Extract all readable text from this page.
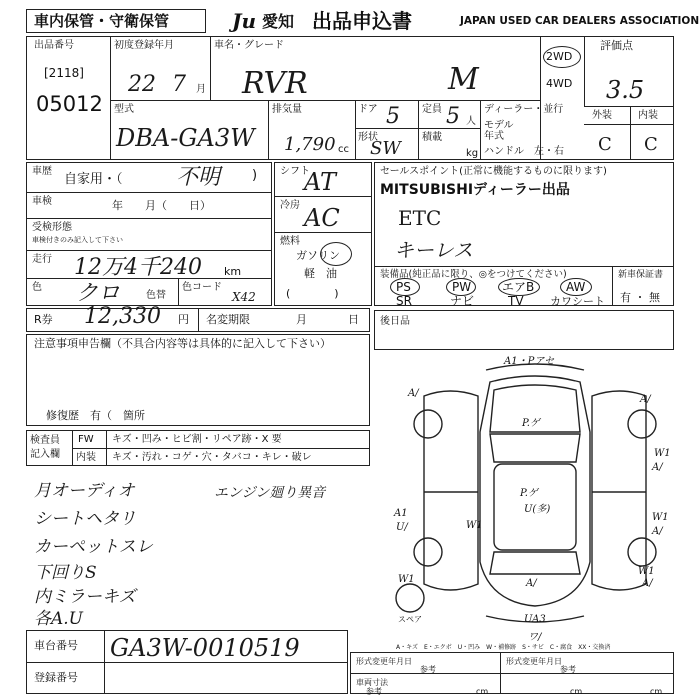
車内保管・守衛保管	Ju 愛知 出品申込書	JAPAN USED CAR DEALERS ASSOCIATION
出品番号
[2118]
05012
初度登録年月
22 7 月
車名・グレード
RVR	M
2WD
4WD
評価点
3.5
型式
DBA-GA3W
排気量
1,790 cc
ドア 5 定員 5 人
形状
SW
積載
kg
ディーラー・並行
モデル
年式
ハンドル　左・右
外装	内装
C C
車歴
自家用・（ 不明 )
車検	年　　月（　　日）
受検形態
車検付きのみ記入して下さい
走行 12万4千240 km
色 クロ	色替
色コード
X42
シフト
AT
冷房 AC
燃料
ガソリン
軽　油
(　　　　)
セールスポイント(正常に機能するものに限ります)
MITSUBISHIディーラー出品
ETC
キーレス
装備品(純正品に限り、◎をつけてください)
PS	PW	エアB	AW
SR	ナビ	TV カワシート
新車保証書
有 ・ 無
R券 12,330 円 名変期限	月	日 後日品
注意事項申告欄（不具合内容等は具体的に記入して下さい）
修復歴　有（　箇所
検査員
記入欄
FW キズ・凹み・ヒビ割・リペア跡・X 要
内装 キズ・汚れ・コゲ・穴・タバコ・キレ・破レ
月オーディオ
シートヘタリ
カーペットスレ
下回りS
内ミラーキズ
各A.U
エンジン廻り異音
車台番号 GA3W-0010519
登録番号
A・キズ　E・エクボ　U・凹み　W・補修跡　S・サビ　C・腐食　XX・交換済
形式変更年月日
参考
形式変更年月日
参考
車両寸法
参考	cm	cm	cm
A1・Pアセ
A/
A/
P.ゲ
P.ゲ
U(多)
W1
A/
W1
A/
A1
U/	W1
W1
W1
A/
A/
UA3
ワ/
スペア
